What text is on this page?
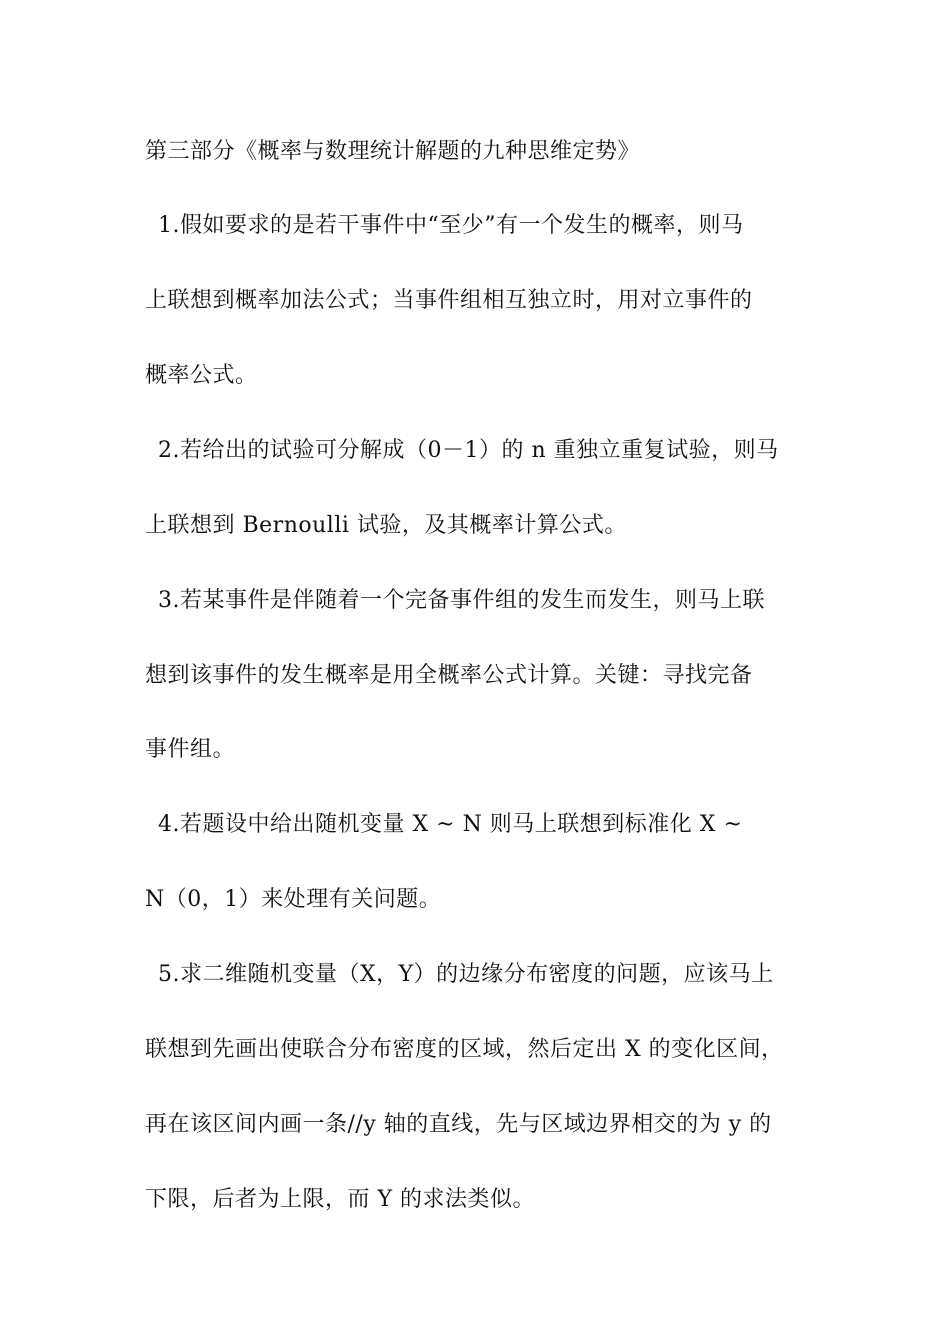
第三部分《概率与数理统计解题的九种思维定势》
1.假如要求的是若干事件中“至少”有一个发生的概率，则马
上联想到概率加法公式；当事件组相互独立时，用对立事件的
概率公式。
2.若给出的试验可分解成（0－1）的 n 重独立重复试验，则马
上联想到 Bernoulli 试验，及其概率计算公式。
3.若某事件是伴随着一个完备事件组的发生而发生，则马上联
想到该事件的发生概率是用全概率公式计算。关键：寻找完备
事件组。
4.若题设中给出随机变量 X ~ N 则马上联想到标准化 X ~
N（0，1）来处理有关问题。
5.求二维随机变量（X，Y）的边缘分布密度的问题，应该马上
联想到先画出使联合分布密度的区域，然后定出 X 的变化区间，
再在该区间内画一条//y 轴的直线，先与区域边界相交的为 y 的
下限，后者为上限，而 Y 的求法类似。
